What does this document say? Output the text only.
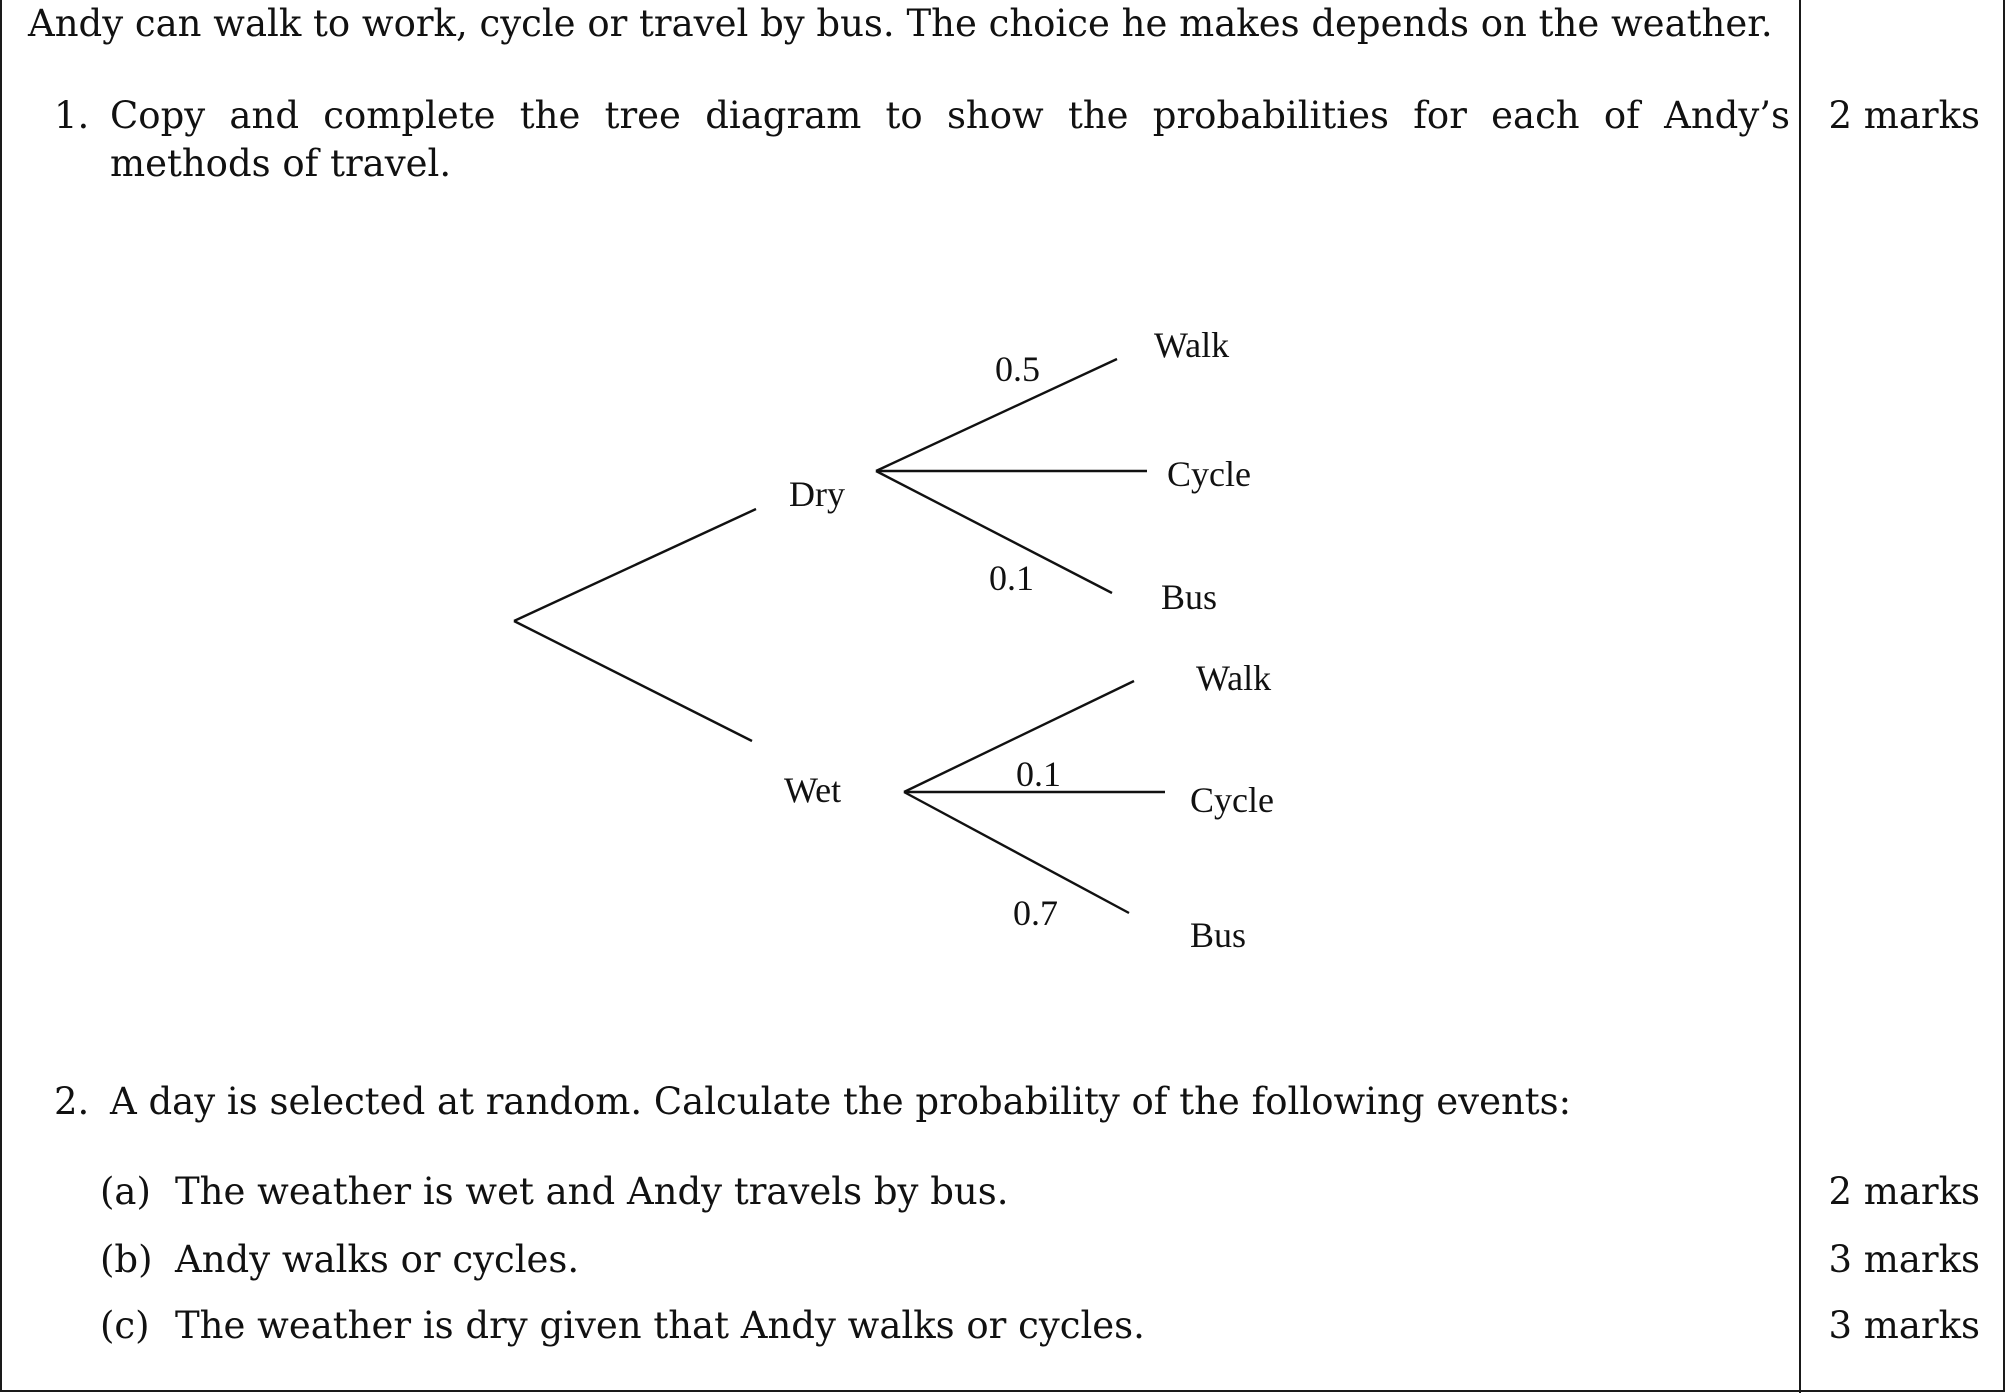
Andy can walk to work, cycle or travel by bus. The choice he makes depends on the weather.
1. Copy and complete the tree diagram to show the probabilities for each of Andy’s methods of travel.
2 marks
Dry
Wet
Walk
Cycle
Bus
Walk
Cycle
Bus
0.5
0.1
0.1
0.7
2. A day is selected at random. Calculate the probability of the following events:
(a) The weather is wet and Andy travels by bus.	2 marks
(b) Andy walks or cycles.	3 marks
(c) The weather is dry given that Andy walks or cycles.	3 marks
